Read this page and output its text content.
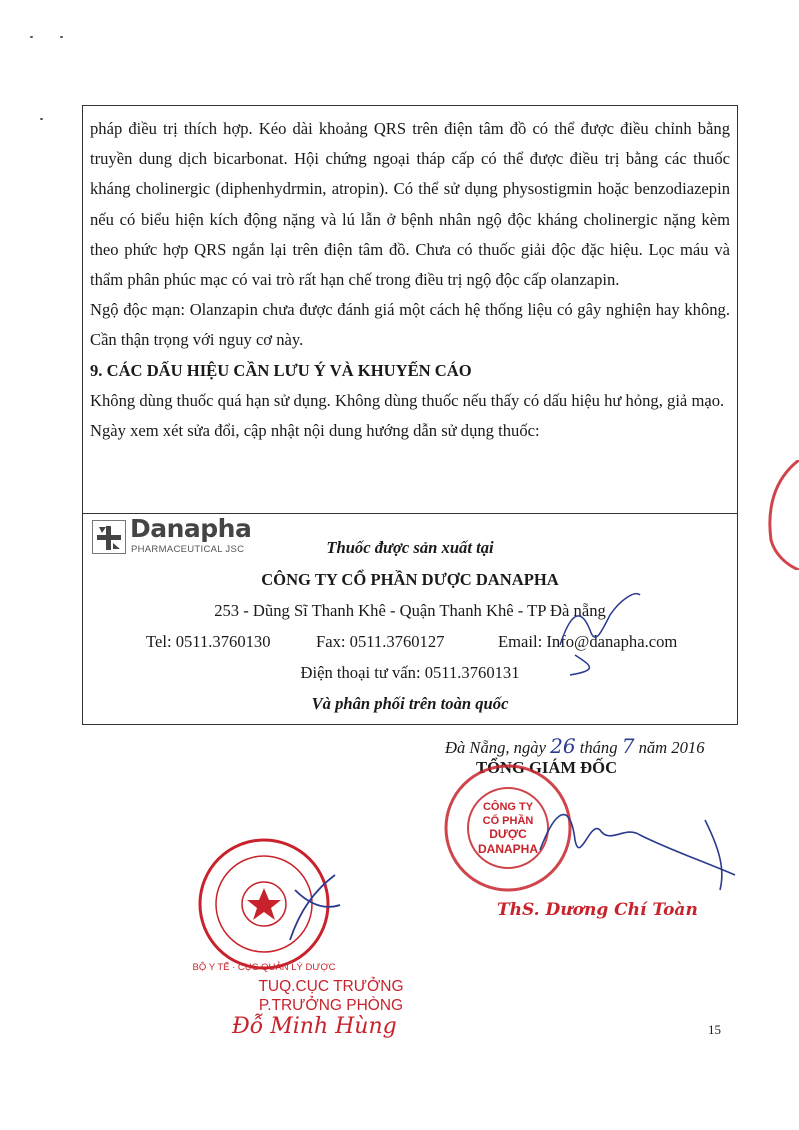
pháp điều trị thích hợp. Kéo dài khoảng QRS trên điện tâm đồ có thể được điều chỉnh bằng truyền dung dịch bicarbonat. Hội chứng ngoại tháp cấp có thể được điều trị bằng các thuốc kháng cholinergic (diphenhydrmin, atropin). Có thể sử dụng physostigmin hoặc benzodiazepin nếu có biểu hiện kích động nặng và lú lẫn ở bệnh nhân ngộ độc kháng cholinergic nặng kèm theo phức hợp QRS ngắn lại trên điện tâm đồ. Chưa có thuốc giải độc đặc hiệu. Lọc máu và thẩm phân phúc mạc có vai trò rất hạn chế trong điều trị ngộ độc cấp olanzapin.

Ngộ độc mạn: Olanzapin chưa được đánh giá một cách hệ thống liệu có gây nghiện hay không. Cần thận trọng với nguy cơ này.

9. CÁC DẤU HIỆU CẦN LƯU Ý VÀ KHUYẾN CÁO

Không dùng thuốc quá hạn sử dụng. Không dùng thuốc nếu thấy có dấu hiệu hư hỏng, giả mạo.

Ngày xem xét sửa đổi, cập nhật nội dung hướng dẫn sử dụng thuốc:

Danapha
PHARMACEUTICAL JSC	Thuốc được sản xuất tại
CÔNG TY CỔ PHẦN DƯỢC DANAPHA
253 - Dũng Sĩ Thanh Khê - Quận Thanh Khê - TP Đà nẵng
Tel: 0511.3760130	Fax: 0511.3760127	Email: Info@danapha.com
Điện thoại tư vấn: 0511.3760131
Và phân phối trên toàn quốc
Đà Nẵng, ngày 26 tháng 7 năm 2016
TỔNG GIÁM ĐỐC
CÔNG TY
CỔ PHẦN
DƯỢC
DANAPHA
ThS. Dương Chí Toàn
BỘ Y TẾ · CỤC QUẢN LÝ DƯỢC
TUQ.CỤC TRƯỞNG
P.TRƯỞNG PHÒNG
Đỗ Minh Hùng	15
